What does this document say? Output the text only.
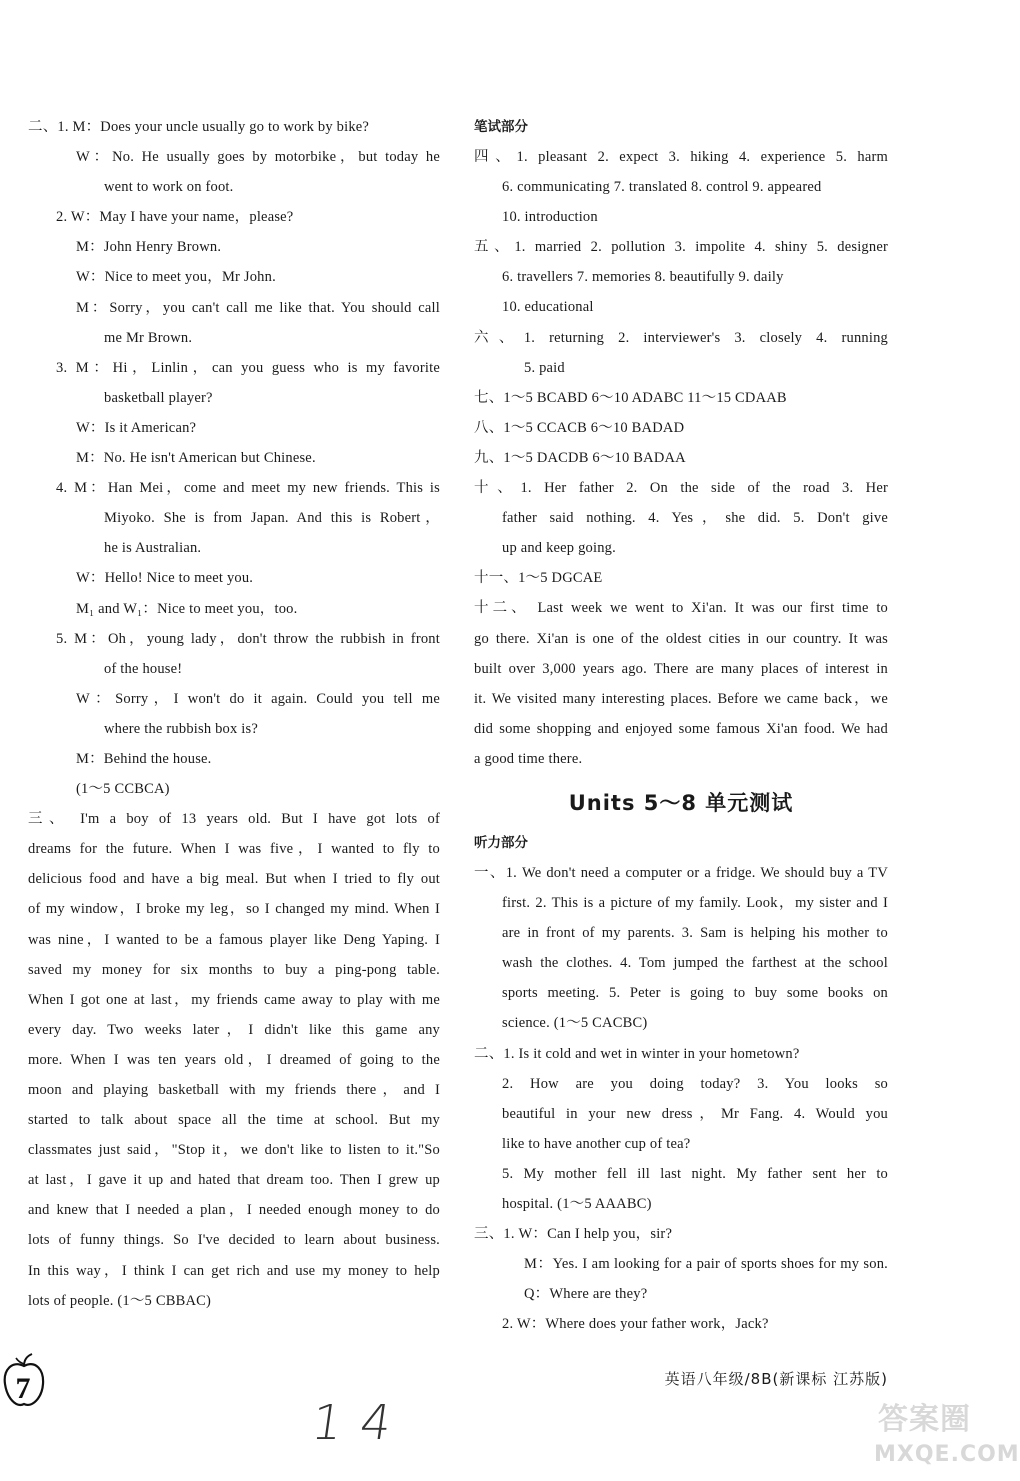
二、1. M：Does your uncle usually go to work by bike?
W：No. He usually goes by motorbike，but today he
went to work on foot.
2. W：May I have your name，please?
M：John Henry Brown.
W：Nice to meet you，Mr John.
M：Sorry，you can't call me like that. You should call
me Mr Brown.
3. M：Hi，Linlin，can you guess who is my favorite
basketball player?
W：Is it American?
M：No. He isn't American but Chinese.
4. M：Han Mei，come and meet my new friends. This is
Miyoko. She is from Japan. And this is Robert，
he is Australian.
W：Hello! Nice to meet you.
M₁ and W₁：Nice to meet you，too.
5. M：Oh，young lady，don't throw the rubbish in front
of the house!
W：Sorry，I won't do it again. Could you tell me
where the rubbish box is?
M：Behind the house.
(1～5 CCBCA)
三、 I'm a boy of 13 years old. But I have got lots of
dreams for the future. When I was five，I wanted to fly to
delicious food and have a big meal. But when I tried to fly out
of my window，I broke my leg，so I changed my mind. When I
was nine，I wanted to be a famous player like Deng Yaping. I
saved my money for six months to buy a ping-pong table.
When I got one at last，my friends came away to play with me
every day. Two weeks later，I didn't like this game any
more. When I was ten years old，I dreamed of going to the
moon and playing basketball with my friends there，and I
started to talk about space all the time at school. But my
classmates just said，"Stop it，we don't like to listen to it."So
at last，I gave it up and hated that dream too. Then I grew up
and knew that I needed a plan，I needed enough money to do
lots of funny things. So I've decided to learn about business.
In this way，I think I can get rich and use my money to help
lots of people. (1～5 CBBAC)
笔试部分
四、1. pleasant 2. expect 3. hiking 4. experience 5. harm
6. communicating 7. translated 8. control 9. appeared
10. introduction
五、1. married 2. pollution 3. impolite 4. shiny 5. designer
6. travellers 7. memories 8. beautifully 9. daily
10. educational
六、1. returning 2. interviewer's 3. closely 4. running
5. paid
七、1～5 BCABD 6～10 ADABC 11～15 CDAAB
八、1～5 CCACB 6～10 BADAD
九、1～5 DACDB 6～10 BADAA
十、1. Her father 2. On the side of the road 3. Her
father said nothing. 4. Yes，she did. 5. Don't give
up and keep going.
十一、1～5 DGCAE
十二、 Last week we went to Xi'an. It was our first time to
go there. Xi'an is one of the oldest cities in our country. It was
built over 3,000 years ago. There are many places of interest in
it. We visited many interesting places. Before we came back，we
did some shopping and enjoyed some famous Xi'an food. We had
a good time there.
Units 5～8 单元测试
听力部分
一、1. We don't need a computer or a fridge. We should buy a TV
first. 2. This is a picture of my family. Look，my sister and I
are in front of my parents. 3. Sam is helping his mother to
wash the clothes. 4. Tom jumped the farthest at the school
sports meeting. 5. Peter is going to buy some books on
science. (1～5 CACBC)
二、1. Is it cold and wet in winter in your hometown?
2. How are you doing today? 3. You looks so
beautiful in your new dress，Mr Fang. 4. Would you
like to have another cup of tea?
5. My mother fell ill last night. My father sent her to
hospital. (1～5 AAABC)
三、1. W：Can I help you，sir?
M：Yes. I am looking for a pair of sports shoes for my son.
Q：Where are they?
2. W：Where does your father work，Jack?
7	英语八年级/8B(新课标 江苏版)
14	答案圈
MXQE.COM
